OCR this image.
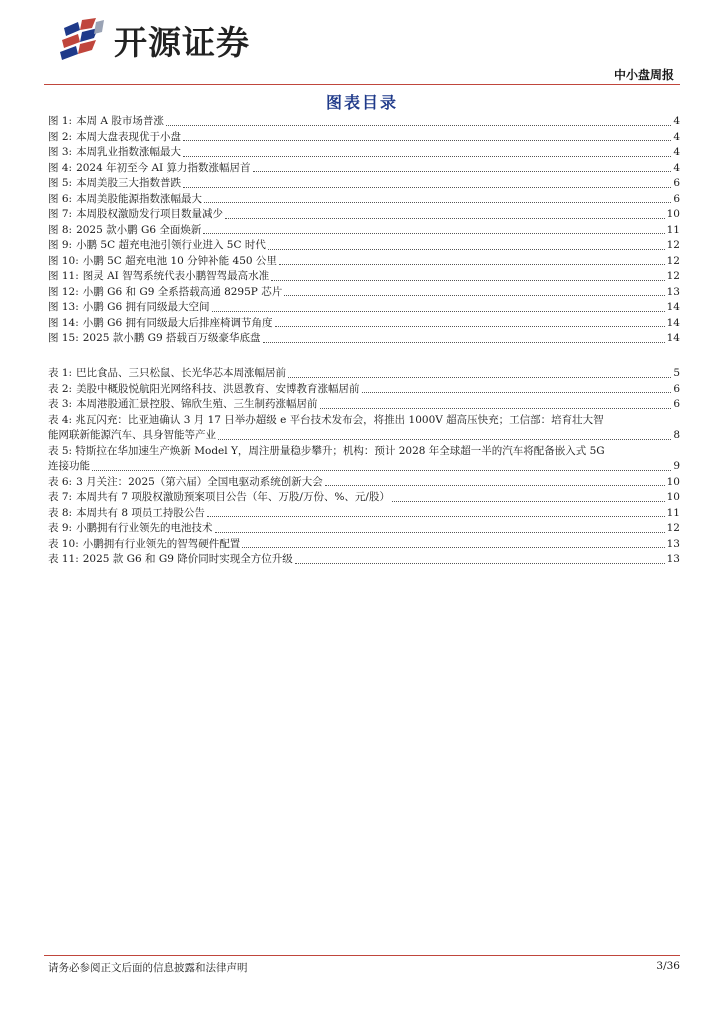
开源证券
中小盘周报
图表目录
图 1: 本周 A 股市场普涨	4
图 2: 本周大盘表现优于小盘	4
图 3: 本周乳业指数涨幅最大	4
图 4: 2024 年初至今 AI 算力指数涨幅居首	4
图 5: 本周美股三大指数普跌	6
图 6: 本周美股能源指数涨幅最大	6
图 7: 本周股权激励发行项目数量减少	10
图 8: 2025 款小鹏 G6 全面焕新	11
图 9: 小鹏 5C 超充电池引领行业进入 5C 时代	12
图 10: 小鹏 5C 超充电池 10 分钟补能 450 公里	12
图 11: 图灵 AI 智驾系统代表小鹏智驾最高水准	12
图 12: 小鹏 G6 和 G9 全系搭载高通 8295P 芯片	13
图 13: 小鹏 G6 拥有同级最大空间	14
图 14: 小鹏 G6 拥有同级最大后排座椅调节角度	14
图 15: 2025 款小鹏 G9 搭载百万级豪华底盘	14
表 1: 巴比食品、三只松鼠、长光华芯本周涨幅居前	5
表 2: 美股中概股悦航阳光网络科技、洪恩教育、安博教育涨幅居前	6
表 3: 本周港股通汇景控股、锦欣生殖、三生制药涨幅居前	6
表 4: 兆瓦闪充：比亚迪确认 3 月 17 日举办超级 e 平台技术发布会，将推出 1000V 超高压快充；工信部：培育壮大智
能网联新能源汽车、具身智能等产业	8
表 5: 特斯拉在华加速生产焕新 Model Y，周注册量稳步攀升；机构：预计 2028 年全球超一半的汽车将配备嵌入式 5G
连接功能	9
表 6: 3 月关注：2025（第六届）全国电驱动系统创新大会	10
表 7: 本周共有 7 项股权激励预案项目公告（年、万股/万份、%、元/股）	10
表 8: 本周共有 8 项员工持股公告	11
表 9: 小鹏拥有行业领先的电池技术	12
表 10: 小鹏拥有行业领先的智驾硬件配置	13
表 11: 2025 款 G6 和 G9 降价同时实现全方位升级	13
请务必参阅正文后面的信息披露和法律声明	3/36
